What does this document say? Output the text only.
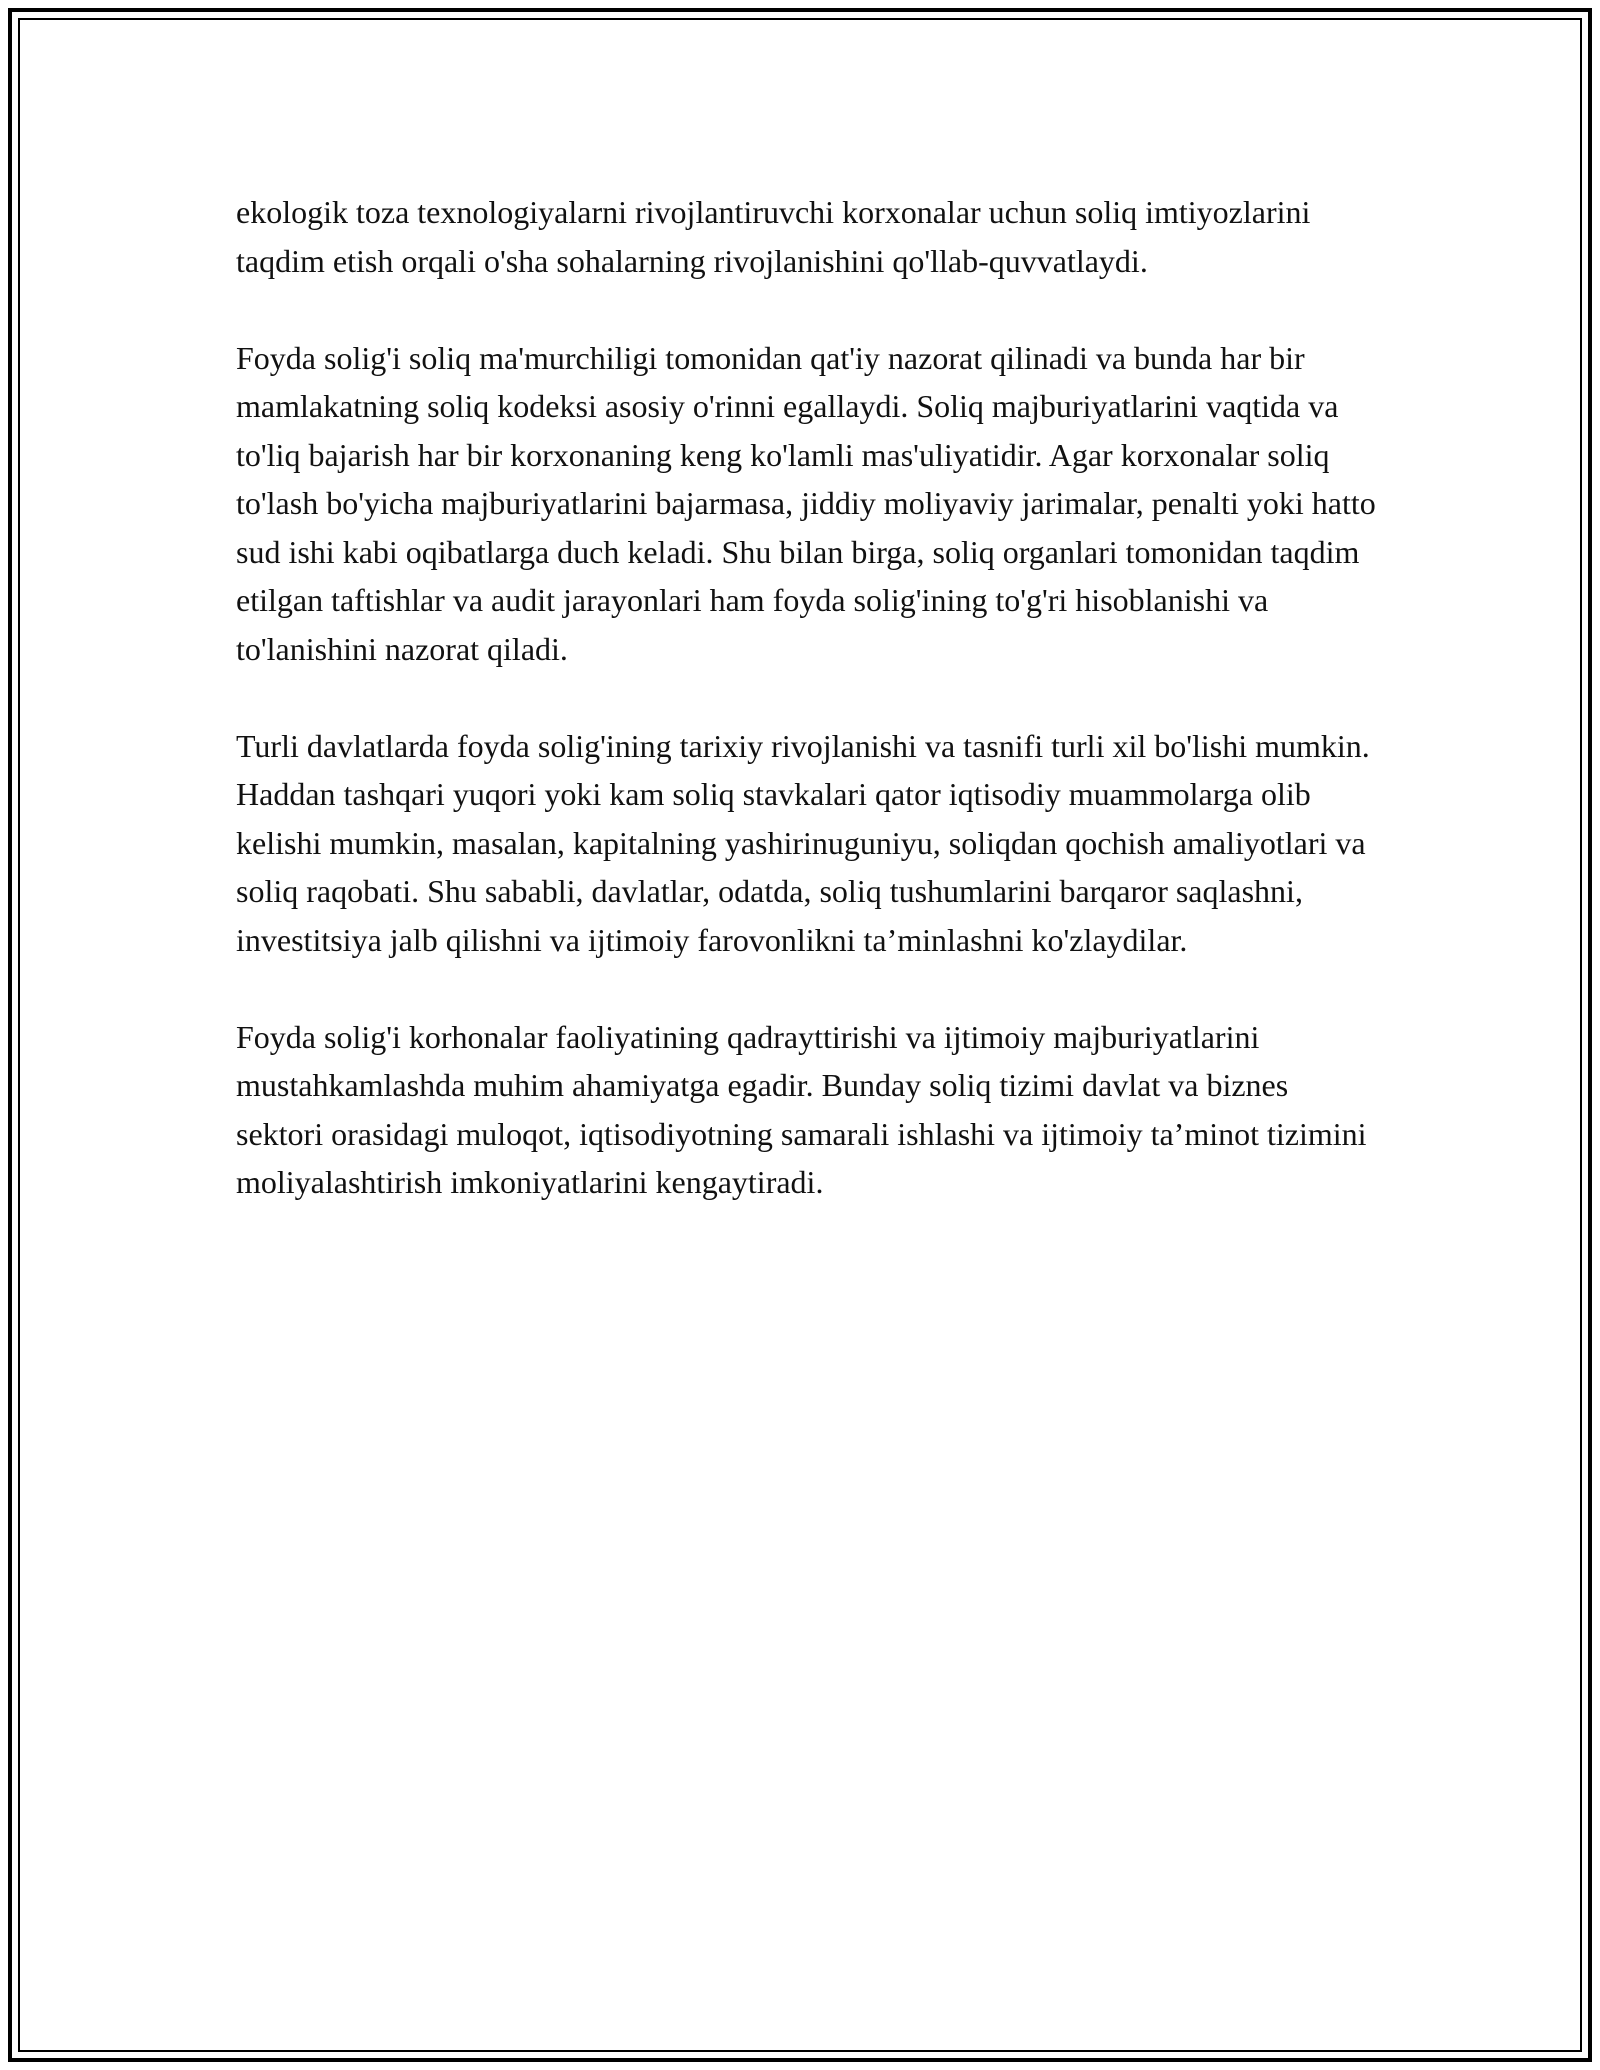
ekologik toza texnologiyalarni rivojlantiruvchi korxonalar uchun soliq imtiyozlarini taqdim etish orqali o'sha sohalarning rivojlanishini qo'llab-quvvatlaydi.

Foyda solig'i soliq ma'murchiligi tomonidan qat'iy nazorat qilinadi va bunda har bir mamlakatning soliq kodeksi asosiy o'rinni egallaydi. Soliq majburiyatlarini vaqtida va to'liq bajarish har bir korxonaning keng ko'lamli mas'uliyatidir. Agar korxonalar soliq to'lash bo'yicha majburiyatlarini bajarmasa, jiddiy moliyaviy jarimalar, penalti yoki hatto sud ishi kabi oqibatlarga duch keladi. Shu bilan birga, soliq organlari tomonidan taqdim etilgan taftishlar va audit jarayonlari ham foyda solig'ining to'g'ri hisoblanishi va to'lanishini nazorat qiladi.

Turli davlatlarda foyda solig'ining tarixiy rivojlanishi va tasnifi turli xil bo'lishi mumkin. Haddan tashqari yuqori yoki kam soliq stavkalari qator iqtisodiy muammolarga olib kelishi mumkin, masalan, kapitalning yashirinuguniyu, soliqdan qochish amaliyotlari va soliq raqobati. Shu sababli, davlatlar, odatda, soliq tushumlarini barqaror saqlashni, investitsiya jalb qilishni va ijtimoiy farovonlikni ta’minlashni ko'zlaydilar.

Foyda solig'i korhonalar faoliyatining qadrayttirishi va ijtimoiy majburiyatlarini mustahkamlashda muhim ahamiyatga egadir. Bunday soliq tizimi davlat va biznes sektori orasidagi muloqot, iqtisodiyotning samarali ishlashi va ijtimoiy ta’minot tizimini moliyalashtirish imkoniyatlarini kengaytiradi.
